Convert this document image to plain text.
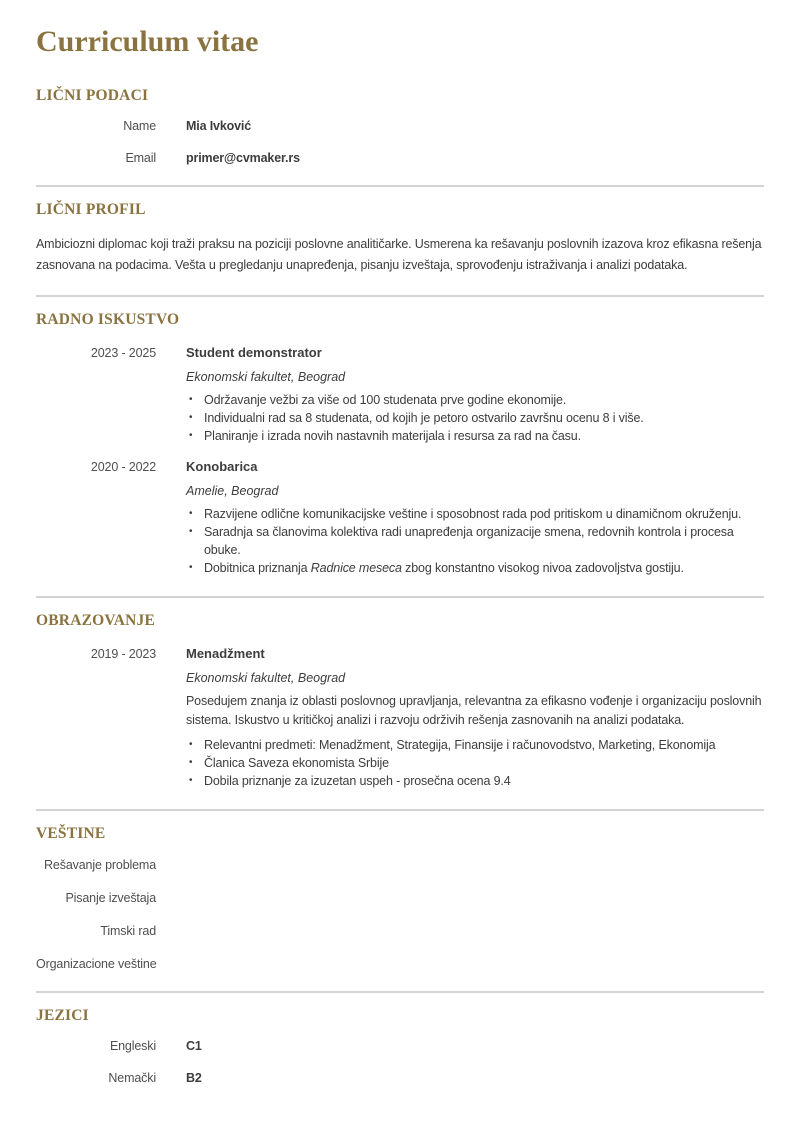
Curriculum vitae
LIČNI PODACI
Name Mia Ivković
Email primer@cvmaker.rs
LIČNI PROFIL

Ambiciozni diplomac koji traži praksu na poziciji poslovne analitičarke. Usmerena ka rešavanju poslovnih izazova kroz efikasna rešenja zasnovana na podacima. Vešta u pregledanju unapređenja, pisanju izveštaja, sprovođenju istraživanja i analizi podataka.

RADNO ISKUSTVO
2023 - 2025 Student demonstrator
Ekonomski fakultet, Beograd
• Održavanje vežbi za više od 100 studenata prve godine ekonomije.
• Individualni rad sa 8 studenata, od kojih je petoro ostvarilo završnu ocenu 8 i više.
• Planiranje i izrada novih nastavnih materijala i resursa za rad na času.
2020 - 2022 Konobarica
Amelie, Beograd
• Razvijene odlične komunikacijske veštine i sposobnost rada pod pritiskom u dinamičnom okruženju.
• Saradnja sa članovima kolektiva radi unapređenja organizacije smena, redovnih kontrola i procesa obuke.
• Dobitnica priznanja Radnice meseca zbog konstantno visokog nivoa zadovoljstva gostiju.
OBRAZOVANJE
2019 - 2023 Menadžment
Ekonomski fakultet, Beograd
Posedujem znanja iz oblasti poslovnog upravljanja, relevantna za efikasno vođenje i organizaciju poslovnih sistema. Iskustvo u kritičkoj analizi i razvoju održivih rešenja zasnovanih na analizi podataka.
• Relevantni predmeti: Menadžment, Strategija, Finansije i računovodstvo, Marketing, Ekonomija
• Članica Saveza ekonomista Srbije
• Dobila priznanje za izuzetan uspeh - prosečna ocena 9.4
VEŠTINE
Rešavanje problema
Pisanje izveštaja
Timski rad
Organizacione veštine
JEZICI
Engleski C1
Nemački B2
